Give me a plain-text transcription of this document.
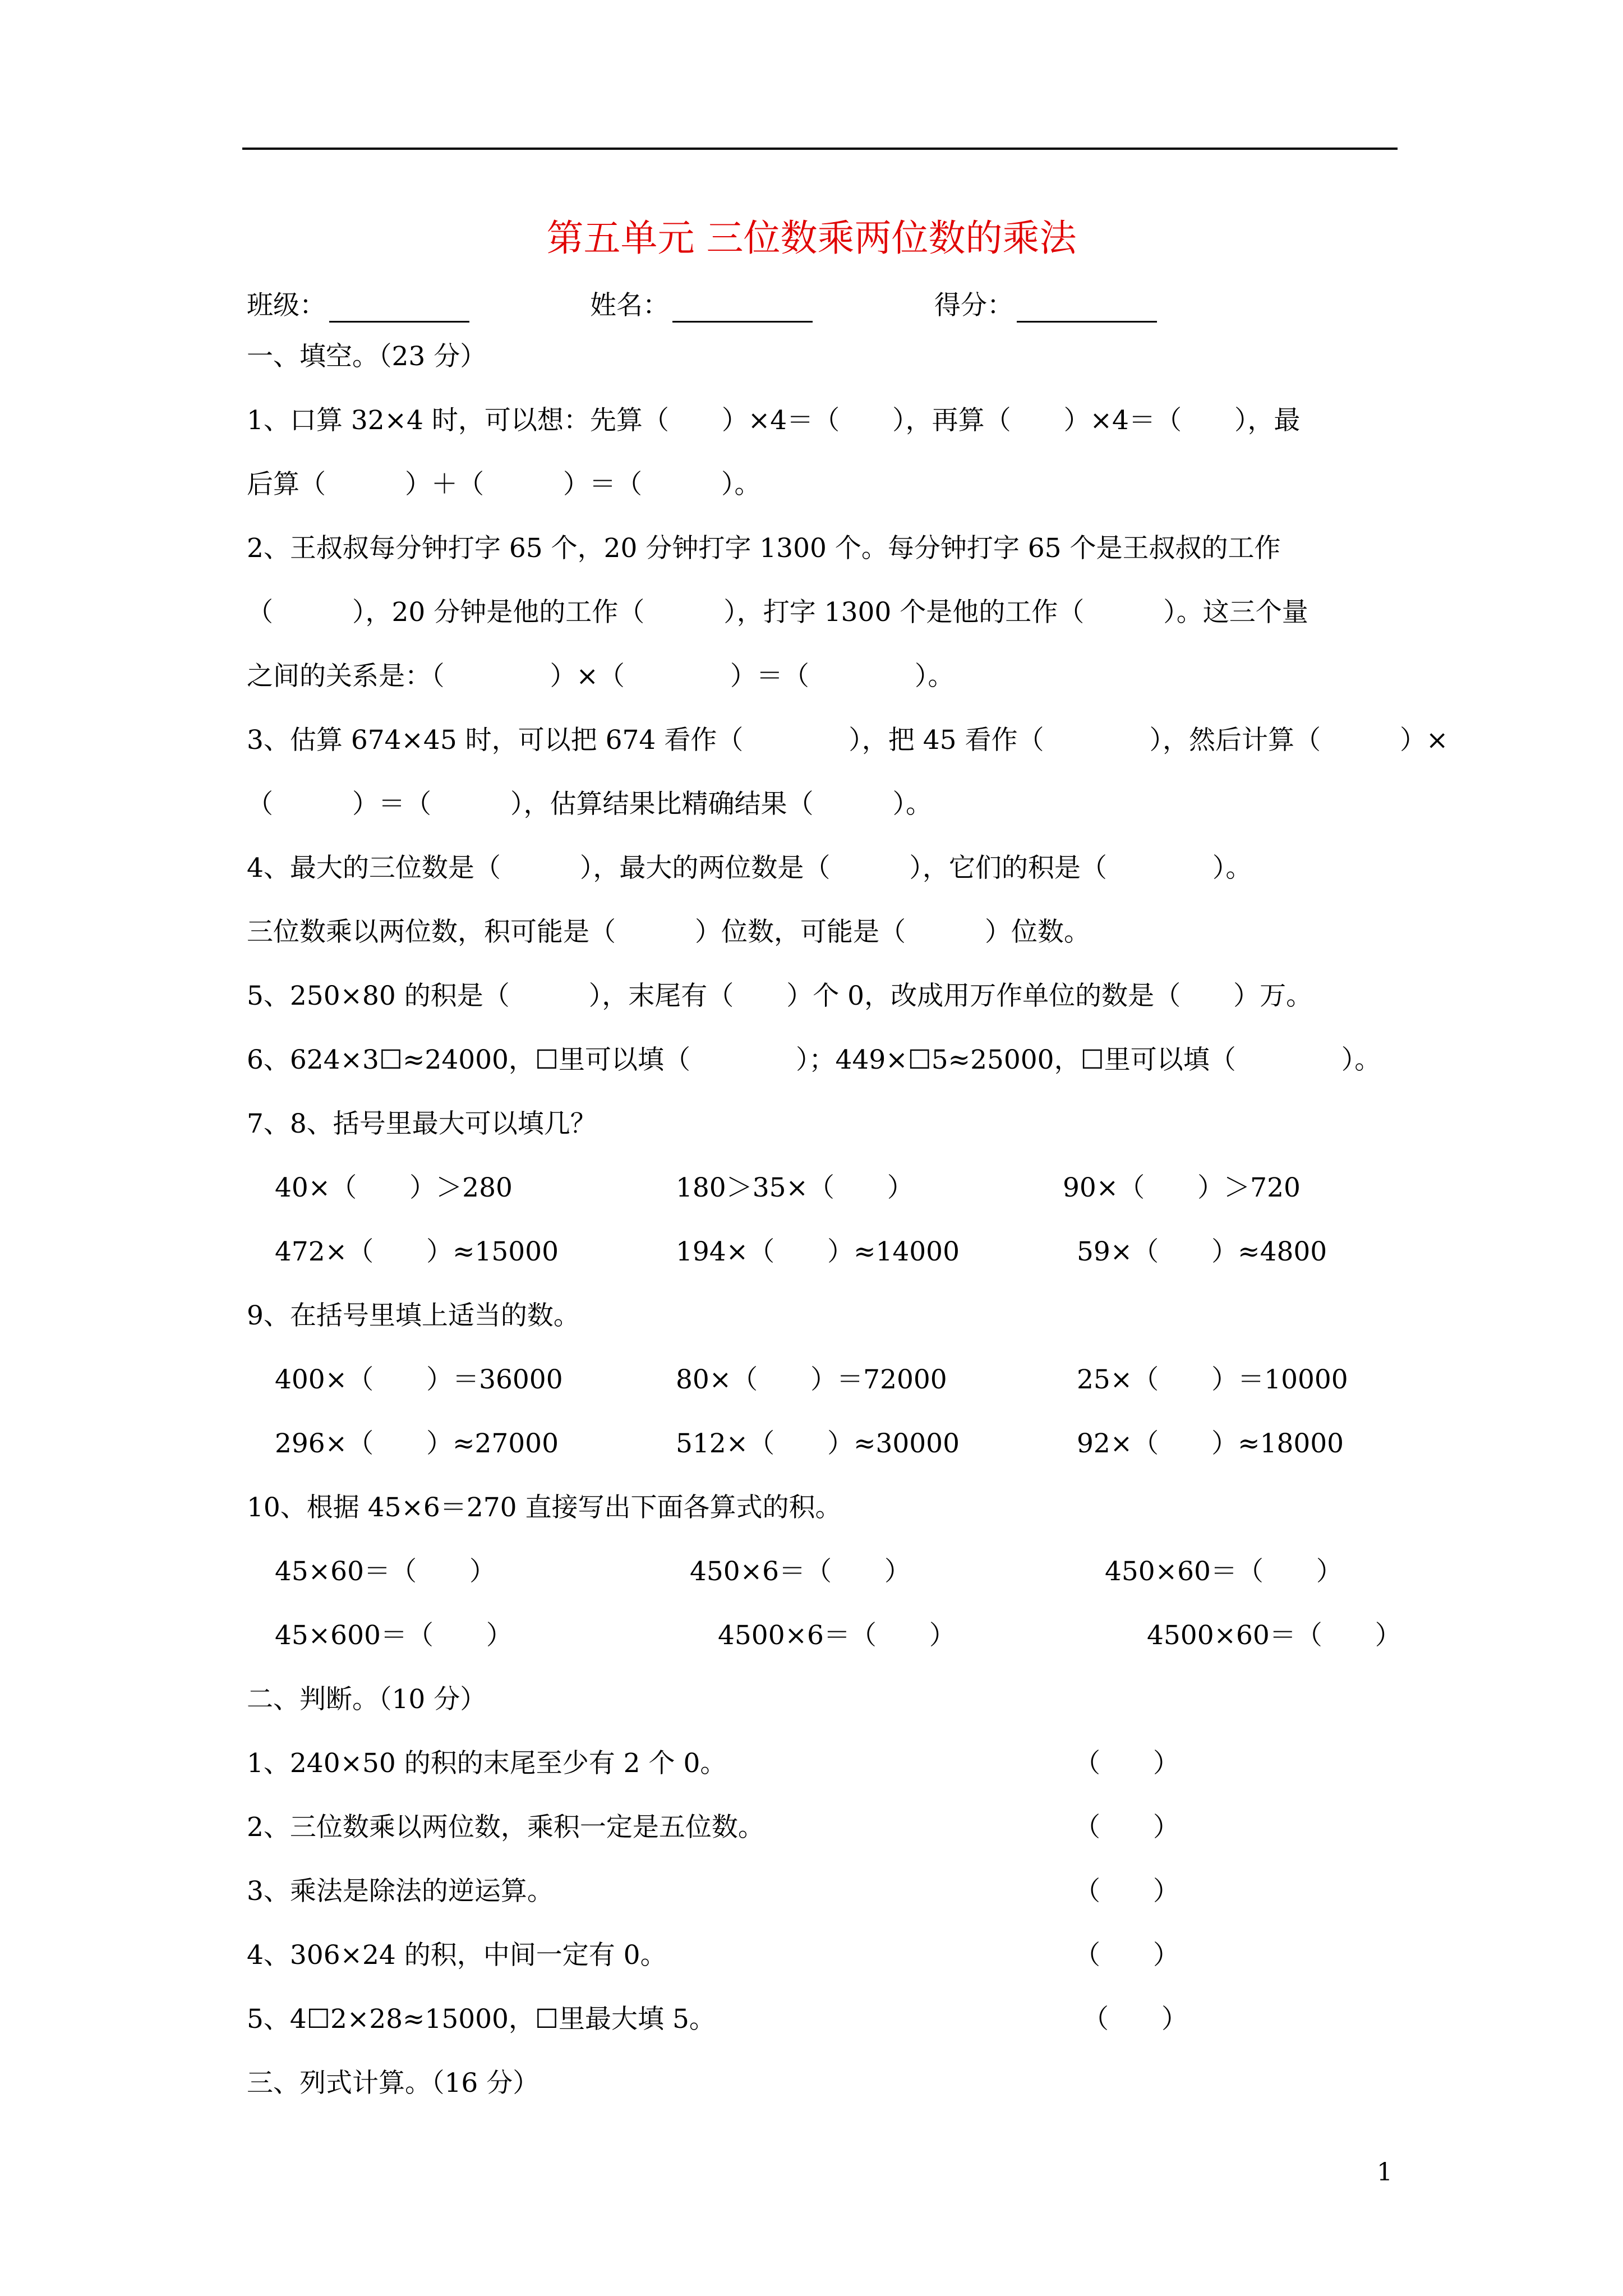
第五单元 三位数乘两位数的乘法
班级：	姓名：	得分：
一、填空。（23 分）
1、口算 32×4 时，可以想：先算（　　）×4＝（　　），再算（　　）×4＝（　　），最
后算（　　　）＋（　　　）＝（　　　）。
2、王叔叔每分钟打字 65 个，20 分钟打字 1300 个。每分钟打字 65 个是王叔叔的工作
（　　　），20 分钟是他的工作（　　　），打字 1300 个是他的工作（　　　）。这三个量
之间的关系是：（　　　　）×（　　　　）＝（　　　　）。
3、估算 674×45 时，可以把 674 看作（　　　　），把 45 看作（　　　　），然后计算（　　　）×
（　　　）＝（　　　），估算结果比精确结果（　　　）。
4、最大的三位数是（　　　），最大的两位数是（　　　），它们的积是（　　　　）。
三位数乘以两位数，积可能是（　　　）位数，可能是（　　　）位数。
5、250×80 的积是（　　　），末尾有（　　）个 0，改成用万作单位的数是（　　）万。
6、624×3☐≈24000，☐里可以填（　　　　）；449×☐5≈25000，☐里可以填（　　　　）。
7、8、括号里最大可以填几？
40×（　　）＞280	180＞35×（　　）	90×（　　）＞720
472×（　　）≈15000	194×（　　）≈14000	59×（　　）≈4800
9、在括号里填上适当的数。
400×（　　）＝36000	80×（　　）＝72000	25×（　　）＝10000
296×（　　）≈27000	512×（　　）≈30000	92×（　　）≈18000
10、根据 45×6＝270 直接写出下面各算式的积。
45×60＝（　　）	450×6＝（　　）	450×60＝（　　）
45×600＝（　　）	4500×6＝（　　）	4500×60＝（　　）
二、判断。（10 分）
1、240×50 的积的末尾至少有 2 个 0。	（　　）
2、三位数乘以两位数，乘积一定是五位数。	（　　）
3、乘法是除法的逆运算。	（　　）
4、306×24 的积，中间一定有 0。	（　　）
5、4☐2×28≈15000，☐里最大填 5。	（　　）
三、列式计算。（16 分）
1
